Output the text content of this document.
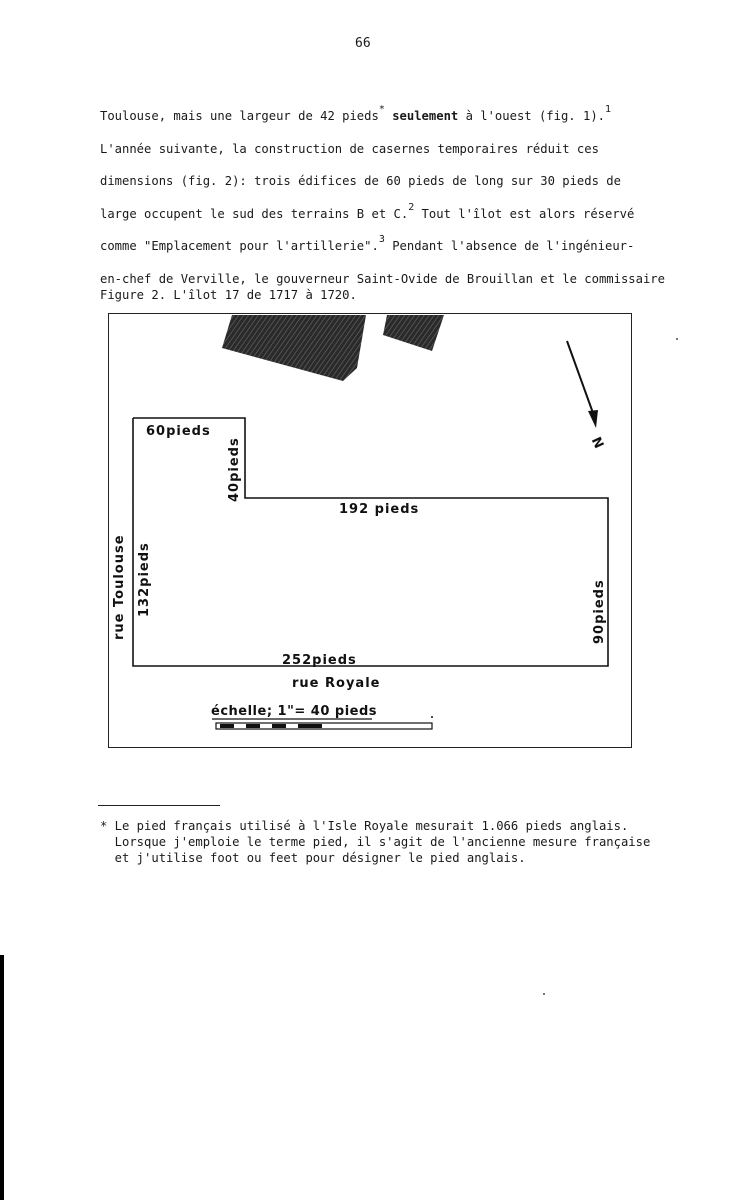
66
Toulouse, mais une largeur de 42 pieds* seulement à l'ouest (fig. 1).$^1$
L'année suivante, la construction de casernes temporaires réduit ces
dimensions (fig. 2): trois édifices de 60 pieds de long sur 30 pieds de
large occupent le sud des terrains B et C.$^2$ Tout l'îlot est alors réservé
comme "Emplacement pour l'artillerie".$^3$ Pendant l'absence de l'ingénieur-
en-chef de Verville, le gouverneur Saint-Ovide de Brouillan et le commissaire
Figure 2. L'îlot 17 de 1717 à 1720.
60pieds
40pieds
192 pieds
132pieds
rue Toulouse	90pieds
252pieds
rue Royale
échelle; 1"= 40 pieds
N
* Le pied français utilisé à l'Isle Royale mesurait 1.066 pieds anglais.
Lorsque j'emploie le terme pied, il s'agit de l'ancienne mesure française
et j'utilise foot ou feet pour désigner le pied anglais.
